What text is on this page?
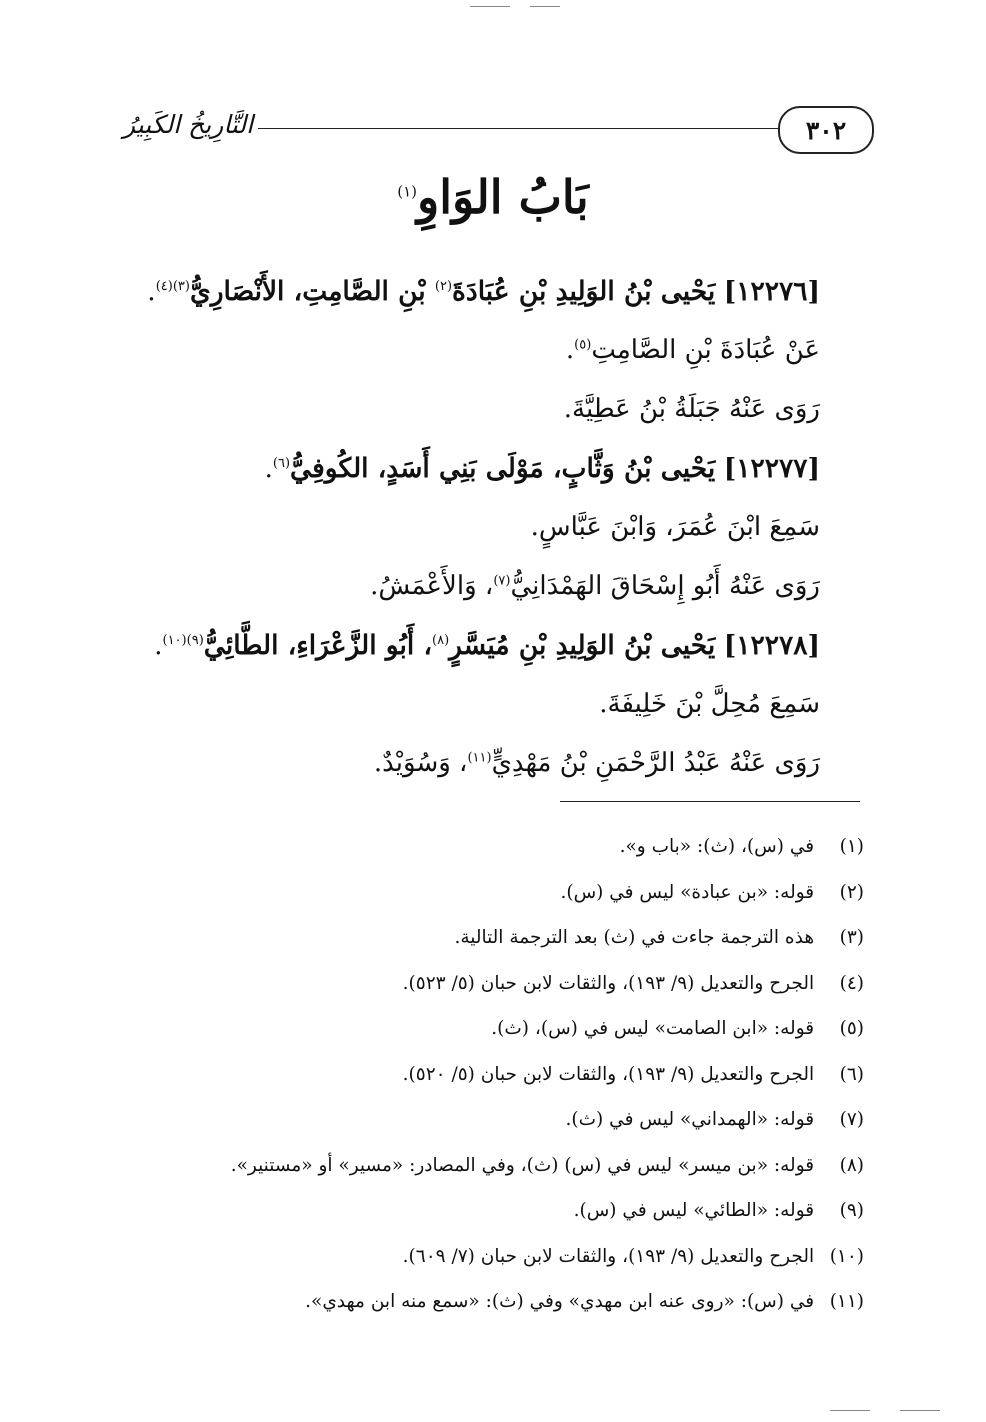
٣٠٢
التَّارِيخُ الكَبِيرُ
بَابُ الوَاوِ$^{(١)}$
[١٢٢٧٦] يَحْيى بْنُ الوَلِيدِ بْنِ عُبَادَةَ$^{(٢)}$ بْنِ الصَّامِتِ، الأَنْصَارِيُّ$^{(٣)(٤)}$.
عَنْ عُبَادَةَ بْنِ الصَّامِتِ$^{(٥)}$.
رَوَى عَنْهُ جَبَلَةُ بْنُ عَطِيَّةَ.
[١٢٢٧٧] يَحْيى بْنُ وَثَّابٍ، مَوْلَى بَنِي أَسَدٍ، الكُوفِيُّ$^{(٦)}$.
سَمِعَ ابْنَ عُمَرَ، وَابْنَ عَبَّاسٍ.
رَوَى عَنْهُ أَبُو إِسْحَاقَ الهَمْدَانِيُّ$^{(٧)}$، وَالأَعْمَشُ.
[١٢٢٧٨] يَحْيى بْنُ الوَلِيدِ بْنِ مُيَسَّرٍ$^{(٨)}$، أَبُو الزَّعْرَاءِ، الطَّائِيُّ$^{(٩)(١٠)}$.
سَمِعَ مُحِلَّ بْنَ خَلِيفَةَ.
رَوَى عَنْهُ عَبْدُ الرَّحْمَنِ بْنُ مَهْدِيٍّ$^{(١١)}$، وَسُوَيْدٌ.
(١) في (س)، (ث): «باب و».
(٢) قوله: «بن عبادة» ليس في (س).
(٣) هذه الترجمة جاءت في (ث) بعد الترجمة التالية.
(٤) الجرح والتعديل (٩/ ١٩٣)، والثقات لابن حبان (٥/ ٥٢٣).
(٥) قوله: «ابن الصامت» ليس في (س)، (ث).
(٦) الجرح والتعديل (٩/ ١٩٣)، والثقات لابن حبان (٥/ ٥٢٠).
(٧) قوله: «الهمداني» ليس في (ث).
(٨) قوله: «بن ميسر» ليس في (س) (ث)، وفي المصادر: «مسير» أو «مستنير».
(٩) قوله: «الطائي» ليس في (س).
(١٠) الجرح والتعديل (٩/ ١٩٣)، والثقات لابن حبان (٧/ ٦٠٩).
(١١) في (س): «روى عنه ابن مهدي» وفي (ث): «سمع منه ابن مهدي».
